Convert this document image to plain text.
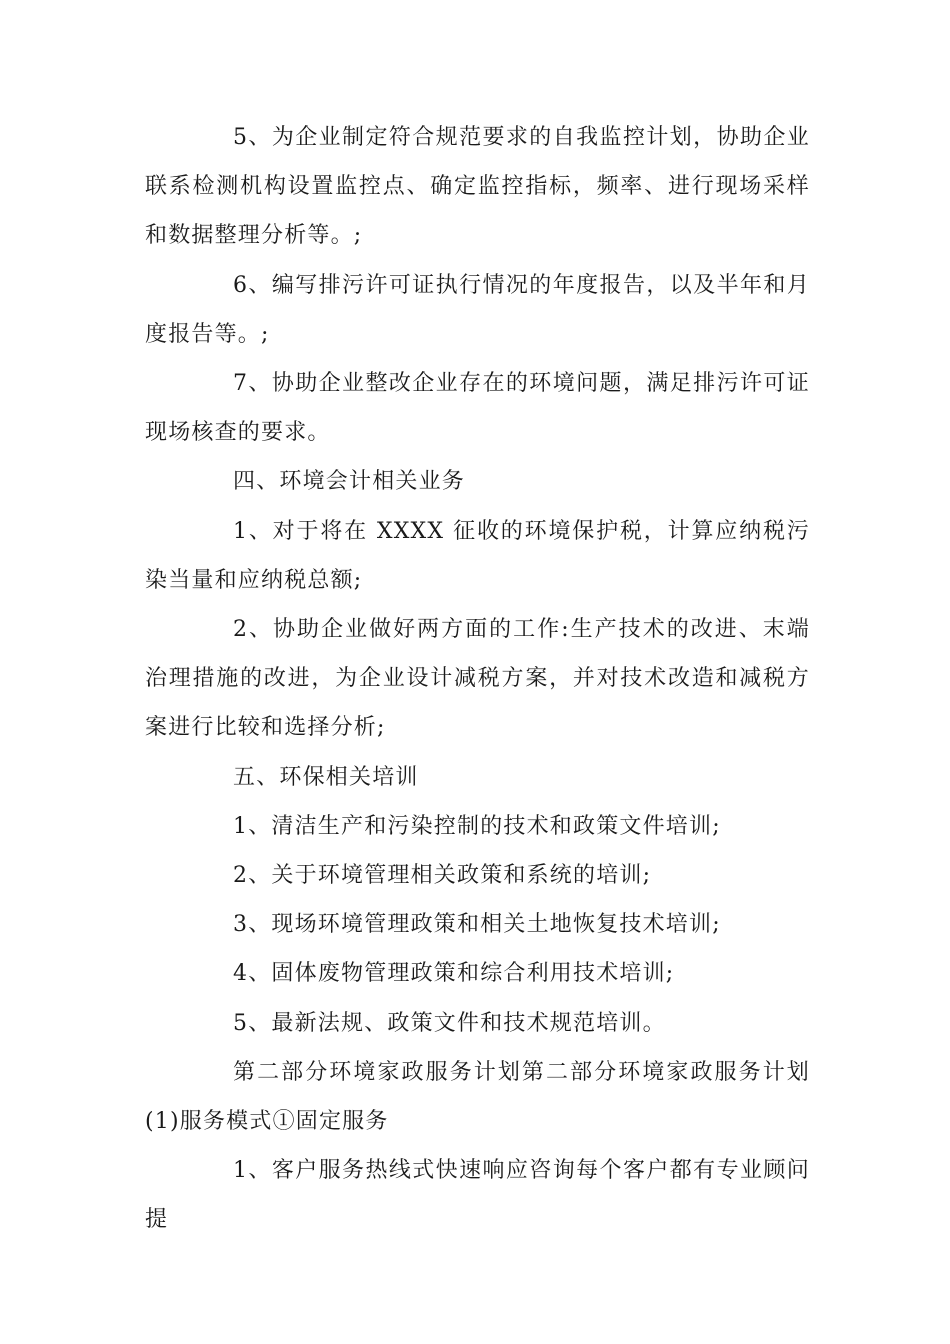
5、为企业制定符合规范要求的自我监控计划，协助企业联系检测机构设置监控点、确定监控指标，频率、进行现场采样和数据整理分析等。;

6、编写排污许可证执行情况的年度报告，以及半年和月度报告等。;

7、协助企业整改企业存在的环境问题，满足排污许可证现场核查的要求。

四、环境会计相关业务

1、对于将在 XXXX 征收的环境保护税，计算应纳税污染当量和应纳税总额;

2、协助企业做好两方面的工作:生产技术的改进、末端治理措施的改进，为企业设计减税方案，并对技术改造和减税方案进行比较和选择分析;

五、环保相关培训

1、清洁生产和污染控制的技术和政策文件培训;

2、关于环境管理相关政策和系统的培训;

3、现场环境管理政策和相关土地恢复技术培训;

4、固体废物管理政策和综合利用技术培训;

5、最新法规、政策文件和技术规范培训。

第二部分环境家政服务计划第二部分环境家政服务计划(1)服务模式①固定服务

1、客户服务热线式快速响应咨询每个客户都有专业顾问提
